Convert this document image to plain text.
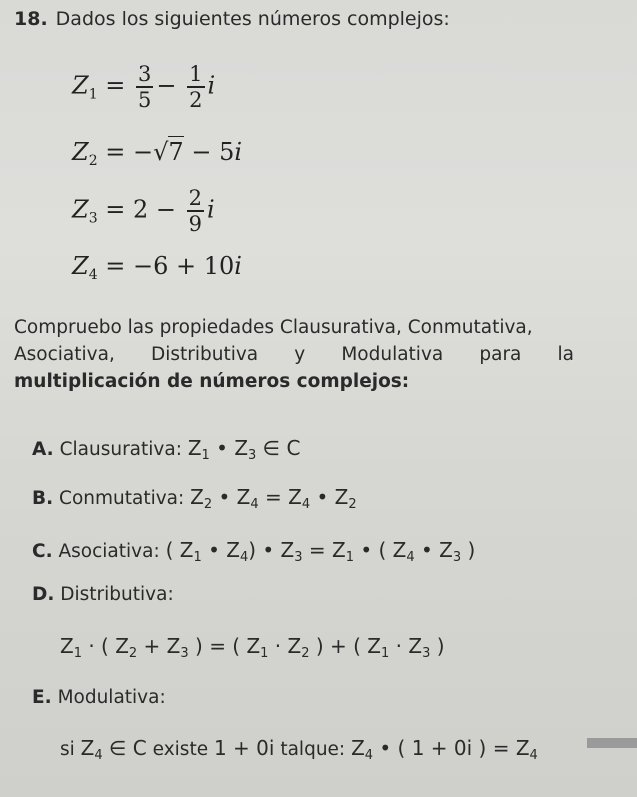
18. Dados los siguientes números complejos:
$Z_1 = \frac{3}{5} - \frac{1}{2}$ i
$Z_2 = -√7 - 5i$
$Z_3 = 2 - \frac{2}{9}$ i
$Z_4 = -6 + 10i$
Compruebo las propiedades Clausurativa, Conmutativa,
Asociativa, Distributiva y Modulativa para la
multiplicación de números complejos:
A. Clausurativa: $Z_1$ • $Z_3$ ∈ C
B. Conmutativa: $Z_2$ • $Z_4 = Z_4$ • $Z_2$
C. Asociativa: ( $Z_1$ • $Z_4$) • $Z_3 = Z_1$ • ( $Z_4$ • $Z_3$ )
D. Distributiva:
$Z_1$ · ( $Z_2 + Z_3$ ) = ( $Z_1 \cdot Z_2$ ) + ( $Z_1 \cdot Z_3$ )
E. Modulativa:
si $Z_4$ ∈ C existe 1 + 0i talque: $Z_4$ • ( 1 + 0i ) = $Z_4$
